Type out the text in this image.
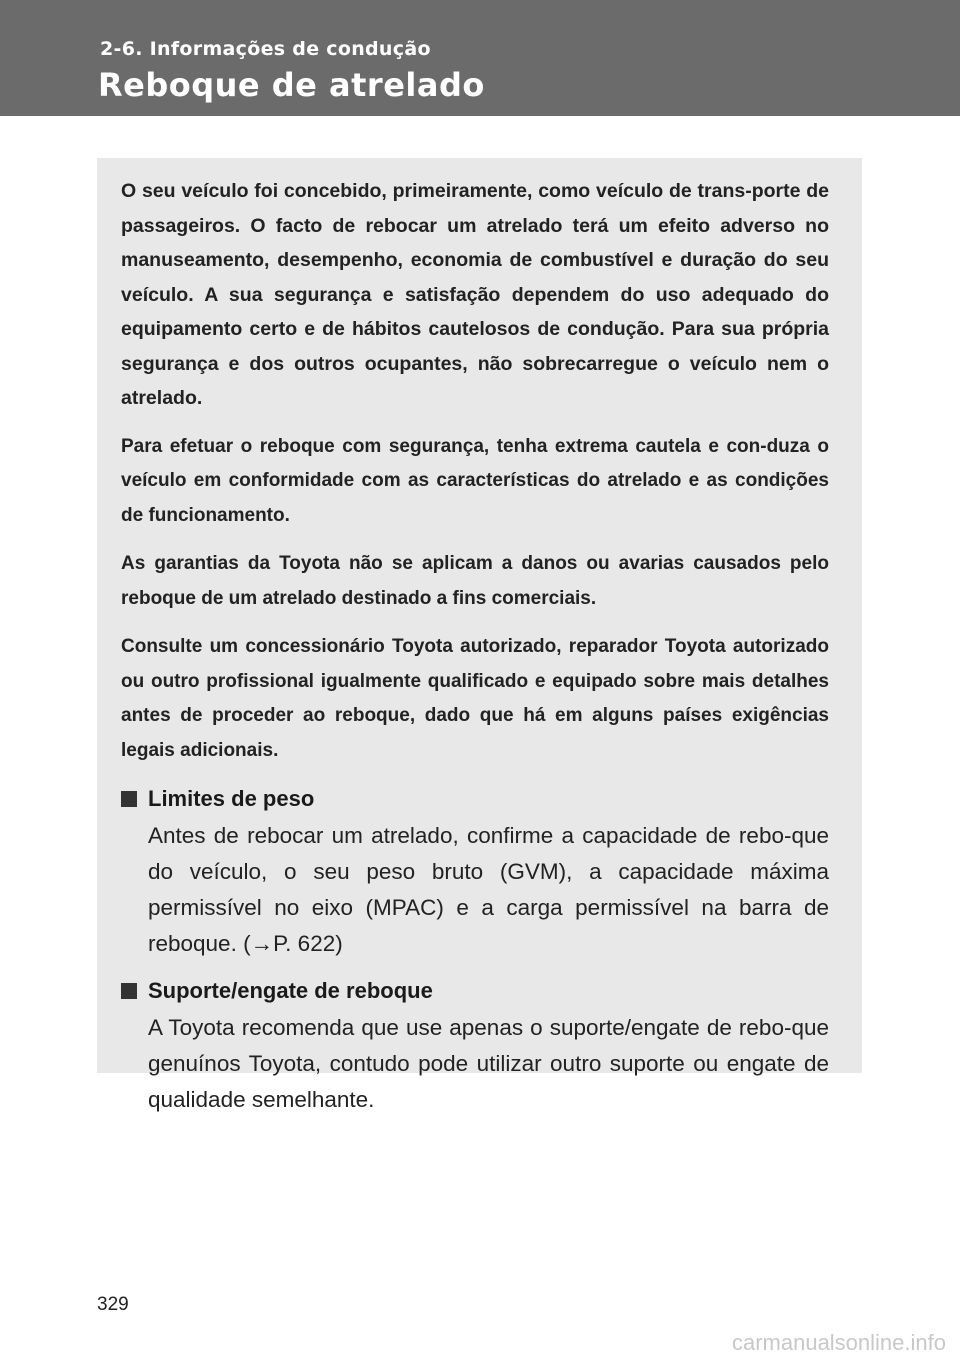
2-6. Informações de condução
Reboque de atrelado

O seu veículo foi concebido, primeiramente, como veículo de trans-porte de passageiros. O facto de rebocar um atrelado terá um efeito adverso no manuseamento, desempenho, economia de combustível e duração do seu veículo. A sua segurança e satisfação dependem do uso adequado do equipamento certo e de hábitos cautelosos de condução. Para sua própria segurança e dos outros ocupantes, não sobrecarregue o veículo nem o atrelado.

Para efetuar o reboque com segurança, tenha extrema cautela e con-duza o veículo em conformidade com as características do atrelado e as condições de funcionamento.

As garantias da Toyota não se aplicam a danos ou avarias causados pelo reboque de um atrelado destinado a fins comerciais.

Consulte um concessionário Toyota autorizado, reparador Toyota autorizado ou outro profissional igualmente qualificado e equipado sobre mais detalhes antes de proceder ao reboque, dado que há em alguns países exigências legais adicionais.

Limites de peso
Antes de rebocar um atrelado, confirme a capacidade de rebo-que do veículo, o seu peso bruto (GVM), a capacidade máxima permissível no eixo (MPAC) e a carga permissível na barra de reboque. (→P. 622)
Suporte/engate de reboque
A Toyota recomenda que use apenas o suporte/engate de rebo-que genuínos Toyota, contudo pode utilizar outro suporte ou engate de qualidade semelhante.
329
carmanualsonline.info
